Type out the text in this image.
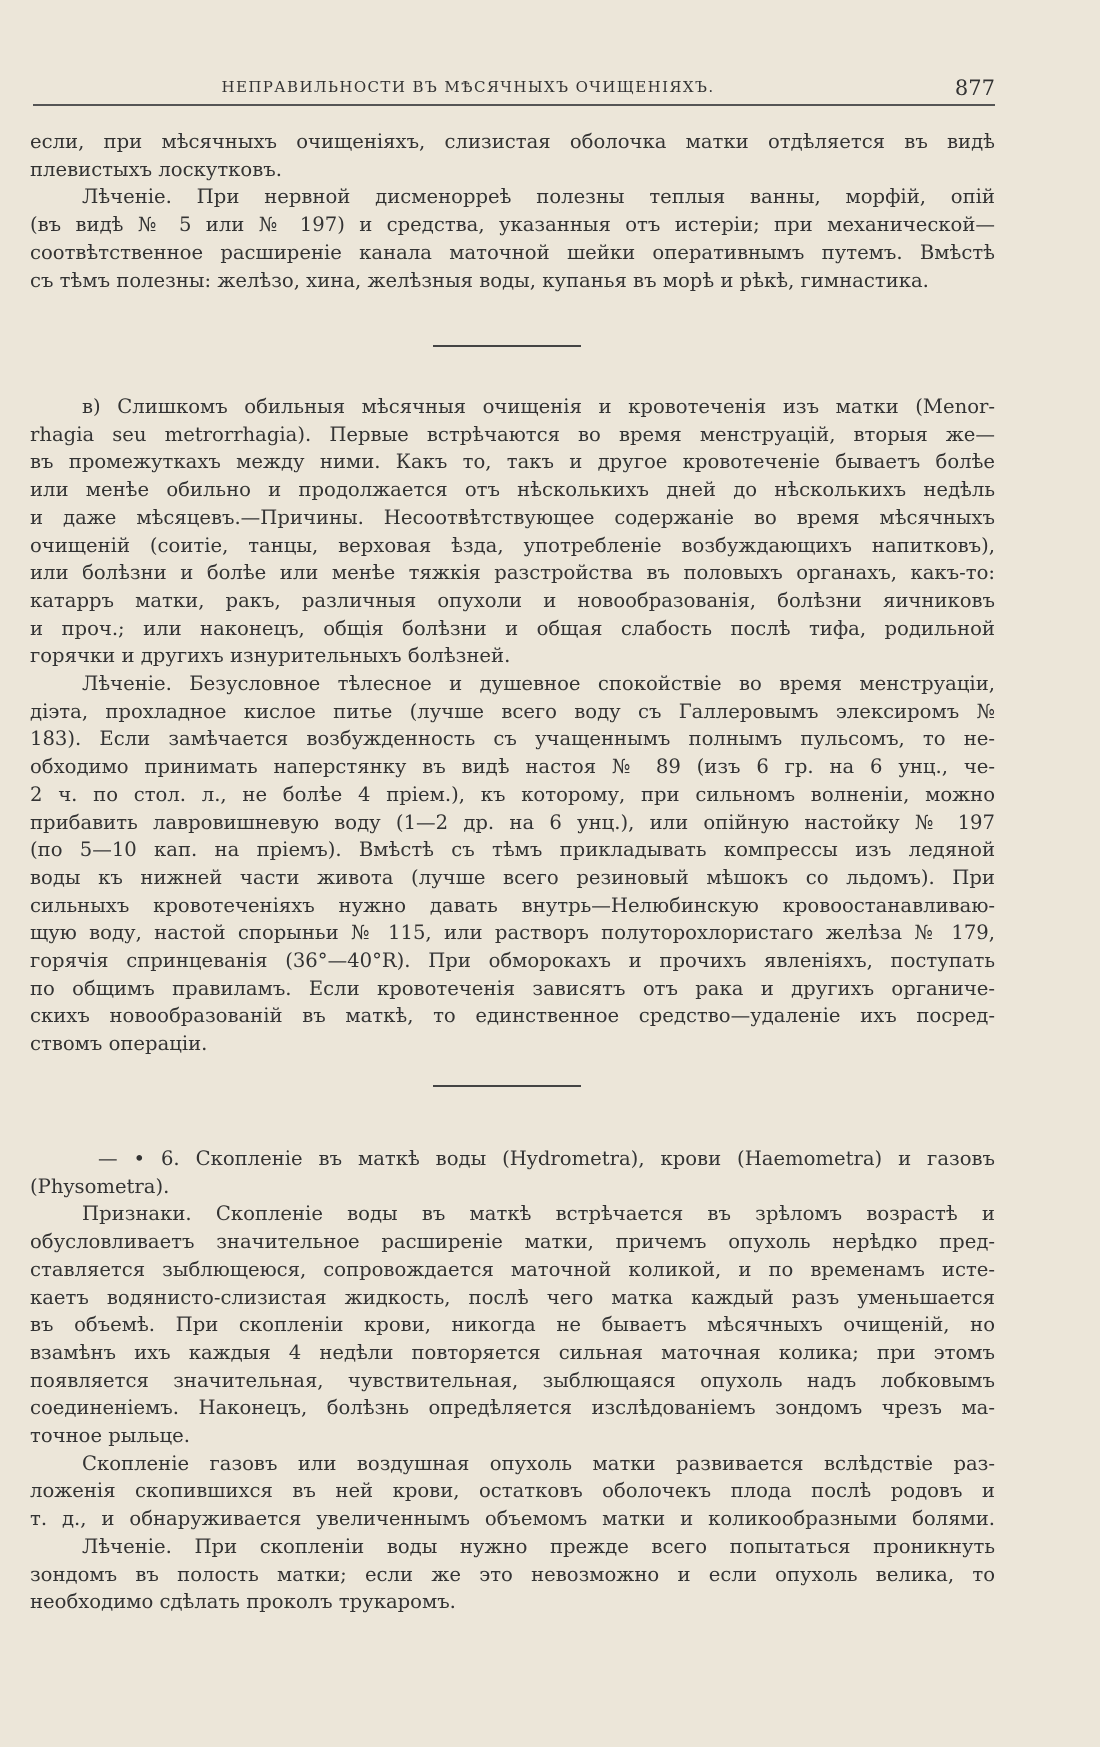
НЕПРАВИЛЬНОСТИ ВЪ МѢСЯЧНЫХЪ ОЧИЩЕНІЯХЪ.	877
если, при мѣсячныхъ очищеніяхъ, слизистая оболочка матки отдѣляется въ видѣ
плевистыхъ лоскутковъ.
Лѣченіе. При нервной дисменорреѣ полезны теплыя ванны, морфій, опій
(въ видѣ № 5 или № 197) и средства, указанныя отъ истеріи; при механической—
соотвѣтственное расширеніе канала маточной шейки оперативнымъ путемъ. Вмѣстѣ
съ тѣмъ полезны: желѣзо, хина, желѣзныя воды, купанья въ морѣ и рѣкѣ, гимнастика.
в) Слишкомъ обильныя мѣсячныя очищенія и кровотеченія изъ матки (Menor-
rhagia seu metrorrhagia). Первые встрѣчаются во время менструацій, вторыя же—
въ промежуткахъ между ними. Какъ то, такъ и другое кровотеченіе бываетъ болѣе
или менѣе обильно и продолжается отъ нѣсколькихъ дней до нѣсколькихъ недѣль
и даже мѣсяцевъ.—Причины. Несоотвѣтствующее содержаніе во время мѣсячныхъ
очищеній (соитіе, танцы, верховая ѣзда, употребленіе возбуждающихъ напитковъ),
или болѣзни и болѣе или менѣе тяжкія разстройства въ половыхъ органахъ, какъ-то:
катарръ матки, ракъ, различныя опухоли и новообразованія, болѣзни яичниковъ
и проч.; или наконецъ, общія болѣзни и общая слабость послѣ тифа, родильной
горячки и другихъ изнурительныхъ болѣзней.
Лѣченіе. Безусловное тѣлесное и душевное спокойствіе во время менструаціи,
діэта, прохладное кислое питье (лучше всего воду съ Галлеровымъ элексиромъ №
183). Если замѣчается возбужденность съ учащеннымъ полнымъ пульсомъ, то не-
обходимо принимать наперстянку въ видѣ настоя № 89 (изъ 6 гр. на 6 унц., че-
2 ч. по стол. л., не болѣе 4 пріем.), къ которому, при сильномъ волненіи, можно
прибавить лавровишневую воду (1—2 др. на 6 унц.), или опійную настойку № 197
(по 5—10 кап. на пріемъ). Вмѣстѣ съ тѣмъ прикладывать компрессы изъ ледяной
воды къ нижней части живота (лучше всего резиновый мѣшокъ со льдомъ). При
сильныхъ кровотеченіяхъ нужно давать внутрь—Нелюбинскую кровоостанавливаю-
щую воду, настой спорыньи № 115, или растворъ полуторохлористаго желѣза № 179,
горячія спринцеванія (36°—40°R). При обморокахъ и прочихъ явленіяхъ, поступать
по общимъ правиламъ. Если кровотеченія зависятъ отъ рака и другихъ органиче-
скихъ новообразованій въ маткѣ, то единственное средство—удаленіе ихъ посред-
ствомъ операціи.
— • 6. Скопленіе въ маткѣ воды (Hydrometra), крови (Haemometra) и газовъ
(Physometra).
Признаки. Скопленіе воды въ маткѣ встрѣчается въ зрѣломъ возрастѣ и
обусловливаетъ значительное расширеніе матки, причемъ опухоль нерѣдко пред-
ставляется зыблющеюся, сопровождается маточной коликой, и по временамъ исте-
каетъ водянисто-слизистая жидкость, послѣ чего матка каждый разъ уменьшается
въ объемѣ. При скопленіи крови, никогда не бываетъ мѣсячныхъ очищеній, но
взамѣнъ ихъ каждыя 4 недѣли повторяется сильная маточная колика; при этомъ
появляется значительная, чувствительная, зыблющаяся опухоль надъ лобковымъ
соединеніемъ. Наконецъ, болѣзнь опредѣляется изслѣдованіемъ зондомъ чрезъ ма-
точное рыльце.
Скопленіе газовъ или воздушная опухоль матки развивается вслѣдствіе раз-
ложенія скопившихся въ ней крови, остатковъ оболочекъ плода послѣ родовъ и
т. д., и обнаруживается увеличеннымъ объемомъ матки и коликообразными болями.
Лѣченіе. При скопленіи воды нужно прежде всего попытаться проникнуть
зондомъ въ полость матки; если же это невозможно и если опухоль велика, то
необходимо сдѣлать проколъ трукаромъ.
